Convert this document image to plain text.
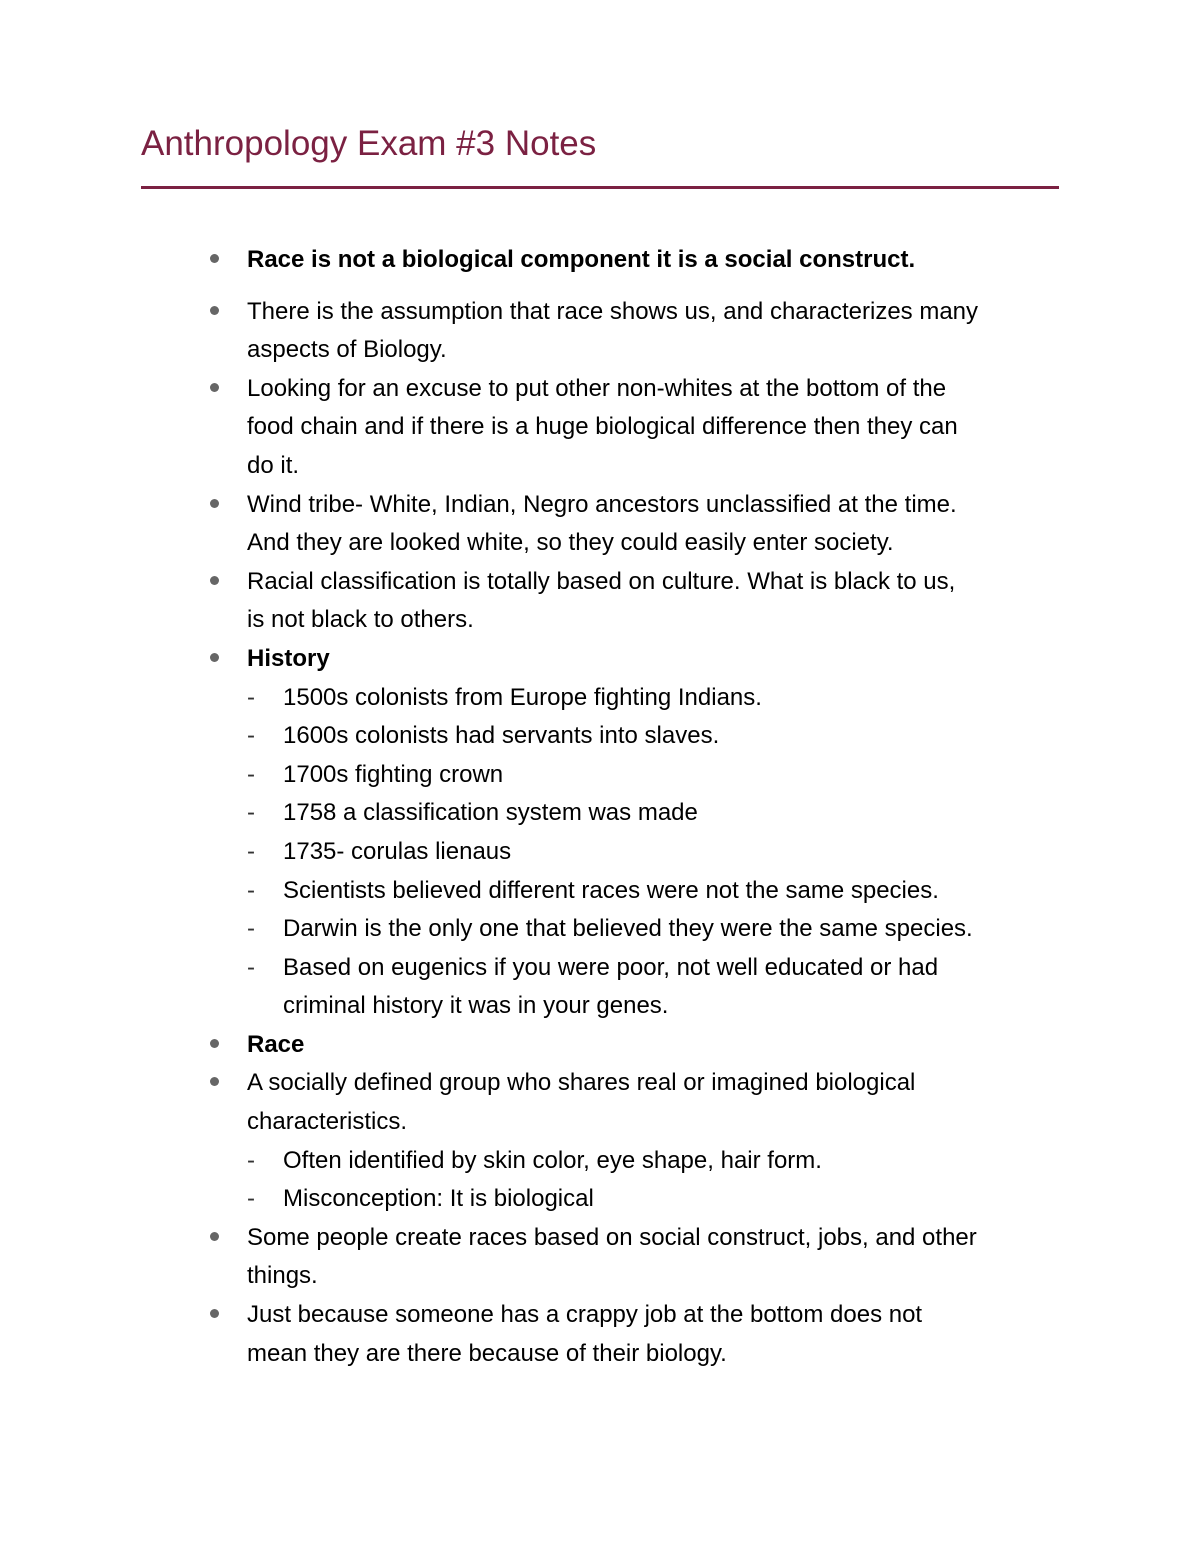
Anthropology Exam #3 Notes
Race is not a biological component it is a social construct.
There is the assumption that race shows us, and characterizes many
aspects of Biology.
Looking for an excuse to put other non-whites at the bottom of the
food chain and if there is a huge biological difference then they can
do it.
Wind tribe- White, Indian, Negro ancestors unclassified at the time.
And they are looked white, so they could easily enter society.
Racial classification is totally based on culture. What is black to us,
is not black to others.
History
- 1500s colonists from Europe fighting Indians.
- 1600s colonists had servants into slaves.
- 1700s fighting crown
- 1758 a classification system was made
- 1735- corulas lienaus
- Scientists believed different races were not the same species.
- Darwin is the only one that believed they were the same species.
- Based on eugenics if you were poor, not well educated or had
criminal history it was in your genes.
Race
A socially defined group who shares real or imagined biological
characteristics.
- Often identified by skin color, eye shape, hair form.
- Misconception: It is biological
Some people create races based on social construct, jobs, and other
things.
Just because someone has a crappy job at the bottom does not
mean they are there because of their biology.
